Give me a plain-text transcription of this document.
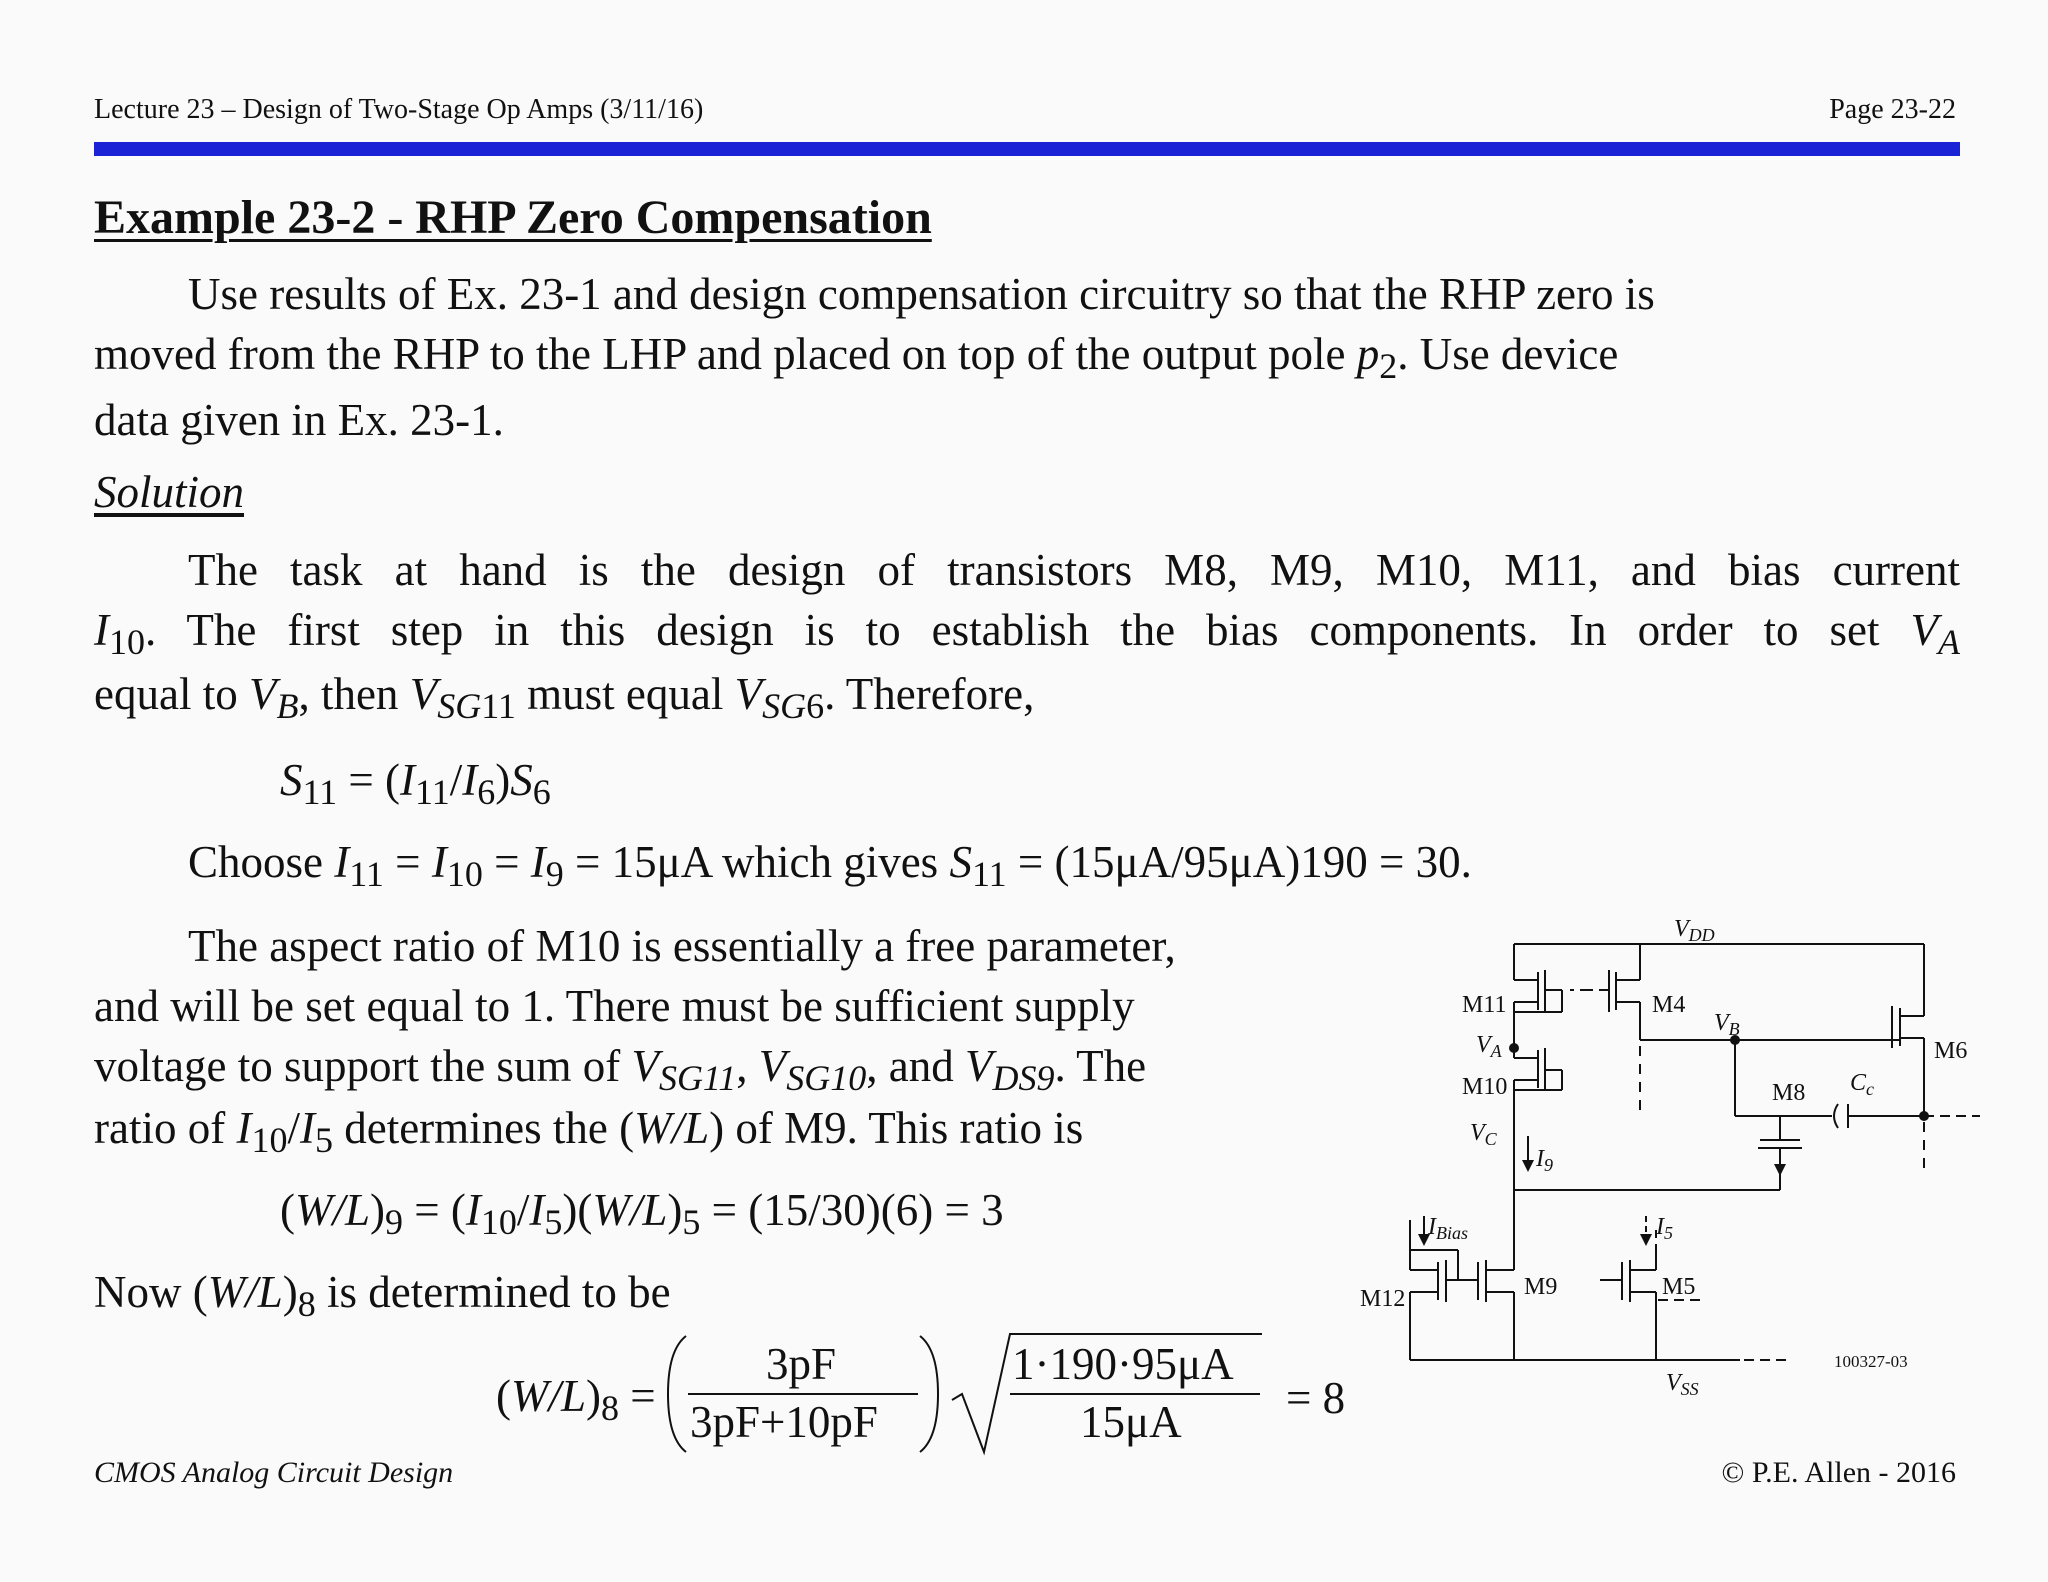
Lecture 23 – Design of Two-Stage Op Amps (3/11/16)	Page 23-22
Example 23-2 - RHP Zero Compensation
Use results of Ex. 23-1 and design compensation circuitry so that the RHP zero is
moved from the RHP to the LHP and placed on top of the output pole $p_2$. Use device
data given in Ex. 23-1.
Solution
The task at hand is the design of transistors M8, M9, M10, M11, and bias current
$I_{10}$. The first step in this design is to establish the bias components. In order to set $V_A$
equal to $V_B$, then $V_{SG11}$ must equal $V_{SG6}$. Therefore,
$S_{11} = (I_{11}/I_6)S_6$
Choose $I_{11} = I_{10} = I_9 = 15\mu A$ which gives $S_{11} = (15\mu A/95\mu A)190 = 30$.
The aspect ratio of M10 is essentially a free parameter,
and will be set equal to 1. There must be sufficient supply
voltage to support the sum of $V_{SG11}$, $V_{SG10}$, and $V_{DS9}$. The
ratio of $I_{10}/I_5$ determines the (W/L) of M9. This ratio is
$(W/L)_9 = (I_{10}/I_5)(W/L)_5 = (15/30)(6) = 3$
Now $(W/L)_8$ is determined to be
$(W/L)_8$ =
3pF
3pF+10pF
1·190·95μA
15μA = 8
$V_{DD}$
M11	M4
M6
$V_A$
$V_B$
M10	M8 $C_c$
$V_C$
$I_9$
$I_{Bias}$	$I_5$
M12	M9	M5
$V_{SS}$
100327-03
CMOS Analog Circuit Design	© P.E. Allen - 2016
